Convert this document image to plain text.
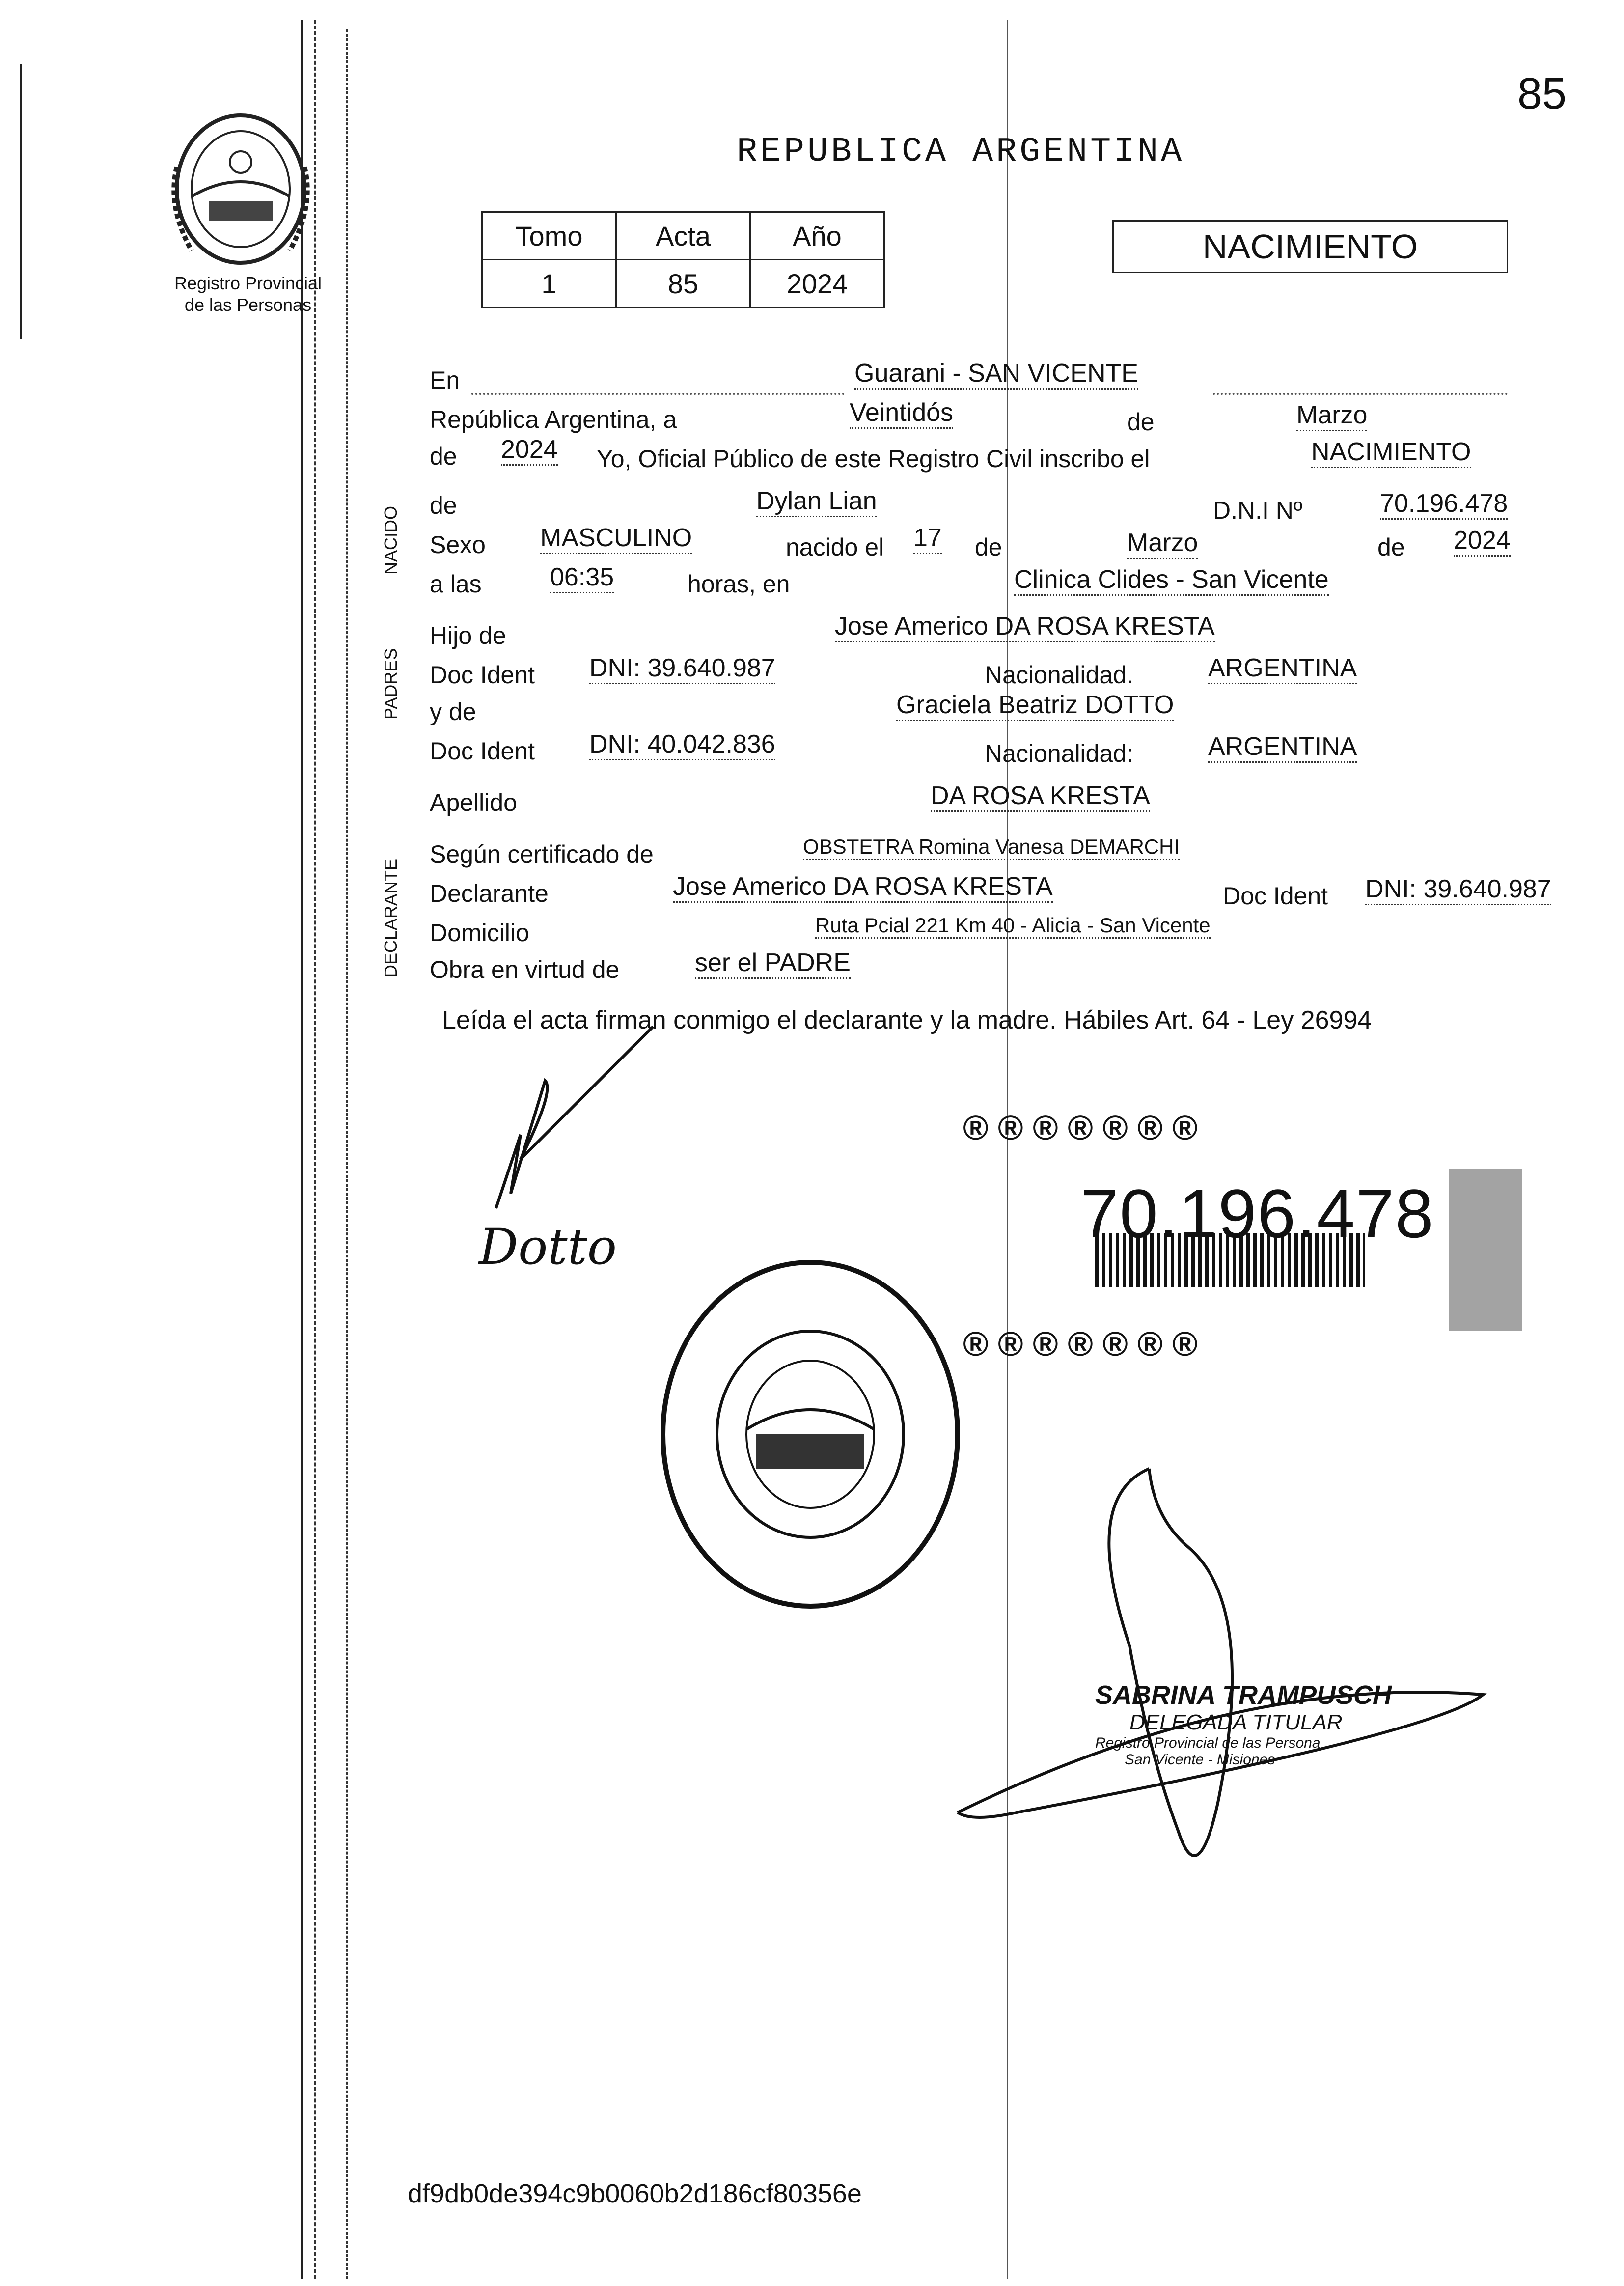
85
Registro Provincial
de las Personas
REPUBLICA ARGENTINA
Tomo	Acta	Año
1	85	2024
NACIMIENTO
NACIDO
PADRES
DECLARANTE
En	Guarani - SAN VICENTE
República Argentina, a	Veintidós	de	Marzo
de 2024 Yo, Oficial Público de este Registro Civil inscribo el	NACIMIENTO
de	Dylan Lian	D.N.I Nº	70.196.478
Sexo MASCULINO	nacido el 17 de	Marzo	de 2024
a las	06:35	horas, en	Clinica Clides - San Vicente
Hijo de	Jose Americo DA ROSA KRESTA
Doc Ident DNI: 39.640.987	Nacionalidad.	ARGENTINA
y de	Graciela Beatriz DOTTO
Doc Ident DNI: 40.042.836	Nacionalidad:	ARGENTINA
Apellido	DA ROSA KRESTA
Según certificado de	OBSTETRA Romina Vanesa DEMARCHI
Declarante	Jose Americo DA ROSA KRESTA	Doc Ident DNI: 39.640.987
Domicilio	Ruta Pcial 221 Km 40 - Alicia - San Vicente
Obra en virtud de	ser el PADRE
Leída el acta firman conmigo el declarante y la madre. Hábiles Art. 64 - Ley 26994
Dotto
® ® ® ® ® ® ®
® ® ® ® ® ® ®
70.196.478
SABRINA TRAMPUSCH
DELEGADA TITULAR
Registro Provincial de las Persona
San Vicente - Misiones
df9db0de394c9b0060b2d186cf80356e
